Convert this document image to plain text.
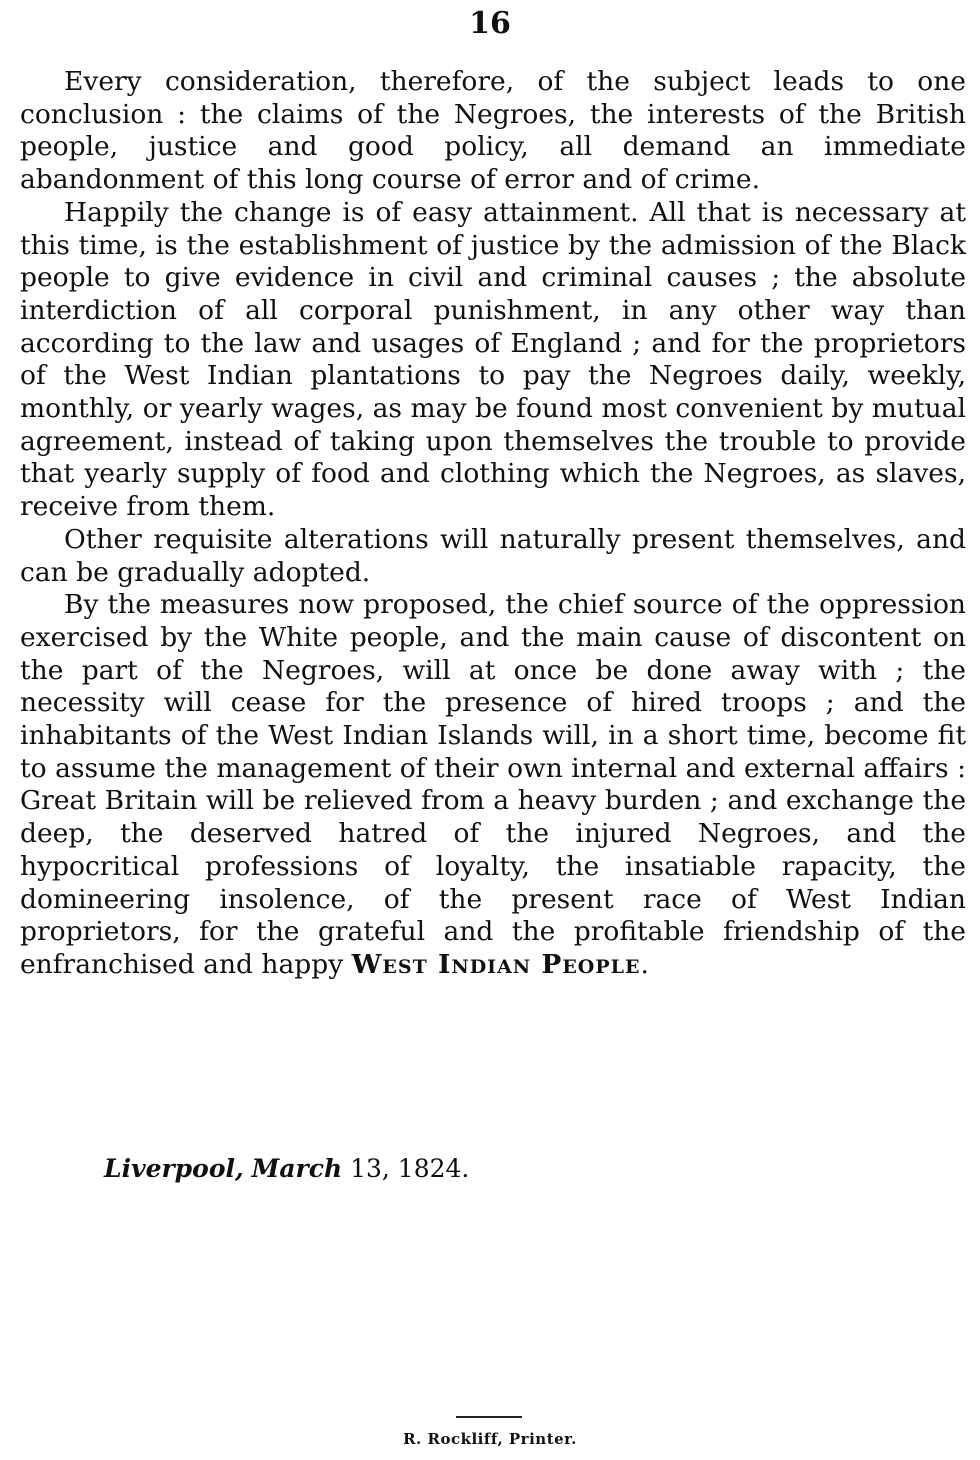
16

Every consideration, therefore, of the subject leads to one conclusion : the claims of the Negroes, the interests of the British people, justice and good policy, all demand an immediate abandonment of this long course of error and of crime.

Happily the change is of easy attainment. All that is necessary at this time, is the establishment of justice by the admission of the Black people to give evidence in civil and criminal causes ; the absolute interdiction of all corporal punishment, in any other way than according to the law and usages of England ; and for the proprietors of the West Indian plantations to pay the Negroes daily, weekly, monthly, or yearly wages, as may be found most convenient by mutual agreement, instead of taking upon themselves the trouble to provide that yearly supply of food and clothing which the Negroes, as slaves, receive from them.

Other requisite alterations will naturally present themselves, and can be gradually adopted.

By the measures now proposed, the chief source of the oppression exercised by the White people, and the main cause of discontent on the part of the Negroes, will at once be done away with ; the necessity will cease for the presence of hired troops ; and the inhabitants of the West Indian Islands will, in a short time, become fit to assume the management of their own internal and external affairs : Great Britain will be relieved from a heavy burden ; and exchange the deep, the deserved hatred of the injured Negroes, and the hypocritical professions of loyalty, the insatiable rapacity, the domineering insolence, of the present race of West Indian proprietors, for the grateful and the profitable friendship of the enfranchised and happy West Indian People.

Liverpool, March 13, 1824.
R. Rockliff, Printer.
